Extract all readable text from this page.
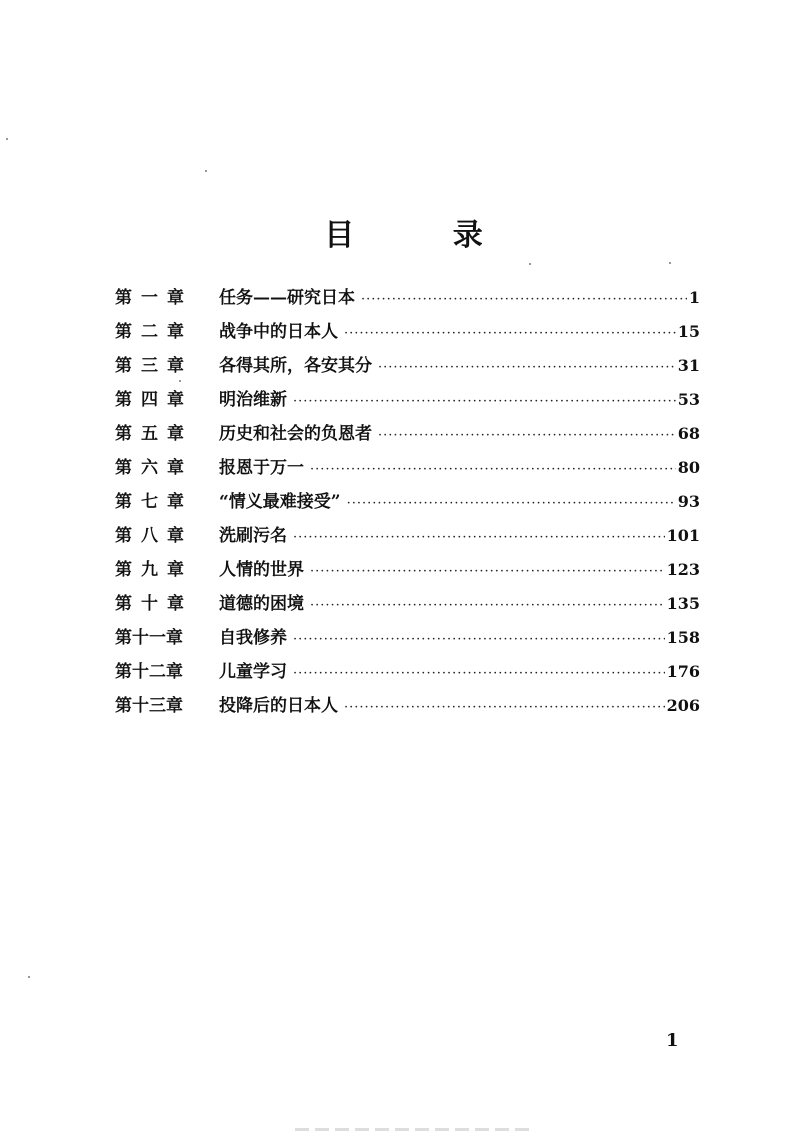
目 录
第一章	任务——研究日本 ·····	1
第二章	战争中的日本人 ·····	15
第三章	各得其所，各安其分 ·····	31
第四章	明治维新 ·····	53
第五章	历史和社会的负恩者 ·····	68
第六章	报恩于万一 ·····	80
第七章	“情义最难接受” ·····	93
第八章	洗刷污名 ·····	101
第九章	人情的世界 ·····	123
第十章	道德的困境 ·····	135
第十一章	自我修养 ·····	158
第十二章	儿童学习 ·····	176
第十三章	投降后的日本人 ·····	206
1
